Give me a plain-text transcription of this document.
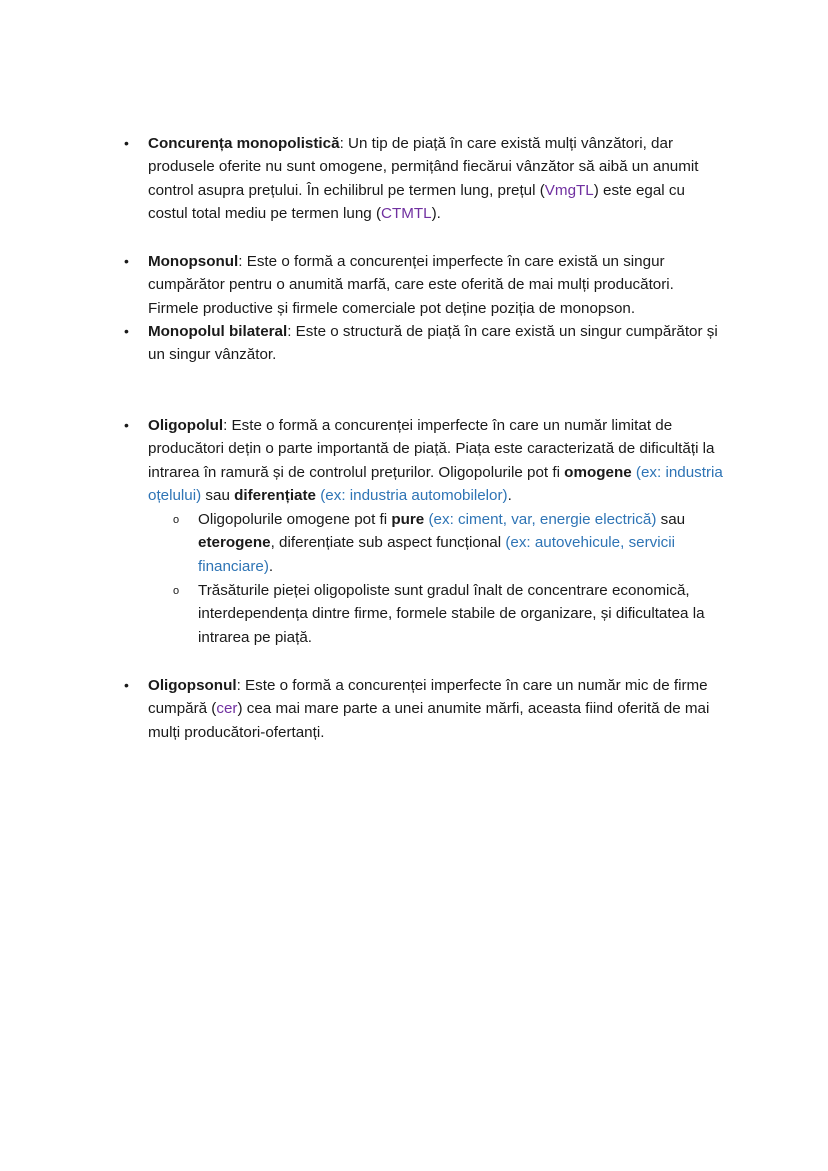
• Concurența monopolistică: Un tip de piață în care există mulți vânzători, dar produsele oferite nu sunt omogene, permițând fiecărui vânzător să aibă un anumit control asupra prețului. În echilibrul pe termen lung, prețul (VmgTL) este egal cu costul total mediu pe termen lung (CTMTL).
• Monopsonul: Este o formă a concurenței imperfecte în care există un singur cumpărător pentru o anumită marfă, care este oferită de mai mulți producători. Firmele productive și firmele comerciale pot deține poziția de monopson.
• Monopolul bilateral: Este o structură de piață în care există un singur cumpărător și un singur vânzător.
• Oligopolul: Este o formă a concurenței imperfecte în care un număr limitat de producători dețin o parte importantă de piață. Piața este caracterizată de dificultăți la intrarea în ramură și de controlul prețurilor. Oligopolurile pot fi omogene (ex: industria oțelului) sau diferențiate (ex: industria automobilelor).
o Oligopolurile omogene pot fi pure (ex: ciment, var, energie electrică) sau eterogene, diferențiate sub aspect funcțional (ex: autovehicule, servicii financiare).
o Trăsăturile pieței oligopoliste sunt gradul înalt de concentrare economică, interdependența dintre firme, formele stabile de organizare, și dificultatea la intrarea pe piață.
• Oligopsonul: Este o formă a concurenței imperfecte în care un număr mic de firme cumpără (cer) cea mai mare parte a unei anumite mărfi, aceasta fiind oferită de mai mulți producători-ofertanți.
